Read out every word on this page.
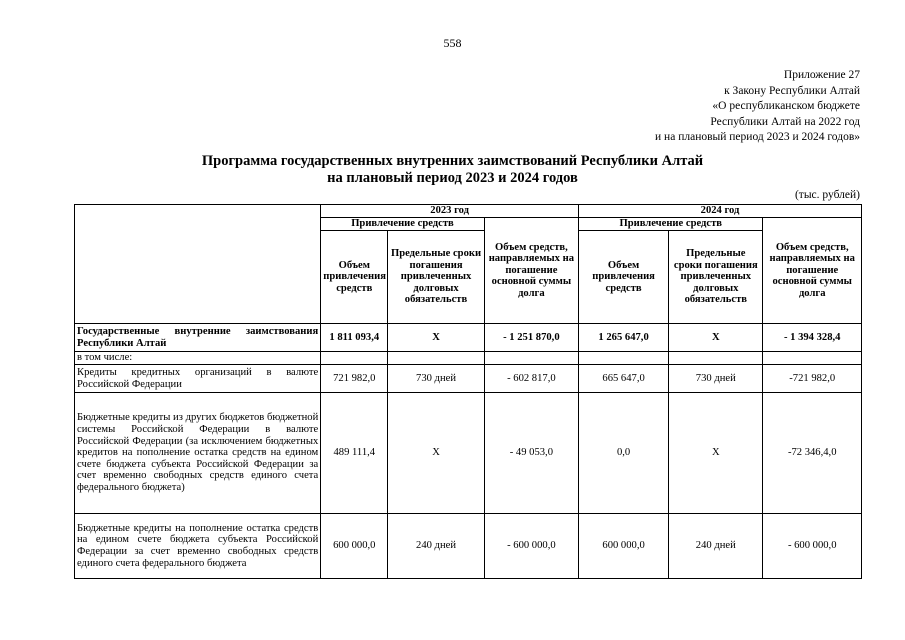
558
Приложение 27
к Закону Республики Алтай
«О республиканском бюджете
Республики Алтай на 2022 год
и на плановый период 2023 и 2024 годов»
Программа государственных внутренних заимствований Республики Алтай
на плановый период 2023 и 2024 годов
(тыс. рублей)
	2023 год			2024 год		
	Привлечение средств		Объем средств, направляемых на погашение основной суммы долга	Привлечение средств		Объем средств, направляемых на погашение основной суммы долга
	Объем привлечения средств	Предельные сроки погашения привлеченных долговых обязательств		Объем привлечения средств	Предельные сроки погашения привлеченных долговых обязательств	
Государственные внутренние заимствования Республики Алтай	1 811 093,4	X	- 1 251 870,0	1 265 647,0	X	- 1 394 328,4
в том числе:						
Кредиты кредитных организаций в валюте Российской Федерации	721 982,0	730 дней	- 602 817,0	665 647,0	730 дней	-721 982,0
Бюджетные кредиты из других бюджетов бюджетной системы Российской Федерации в валюте Российской Федерации (за исключением бюджетных кредитов на пополнение остатка средств на едином счете бюджета субъекта Российской Федерации за счет временно свободных средств единого счета федерального бюджета)	489 111,4	X	- 49 053,0	0,0	X	-72 346,4,0
Бюджетные кредиты на пополнение остатка средств на едином счете бюджета субъекта Российской Федерации за счет временно свободных средств единого счета федерального бюджета	600 000,0	240 дней	- 600 000,0	600 000,0	240 дней	- 600 000,0
